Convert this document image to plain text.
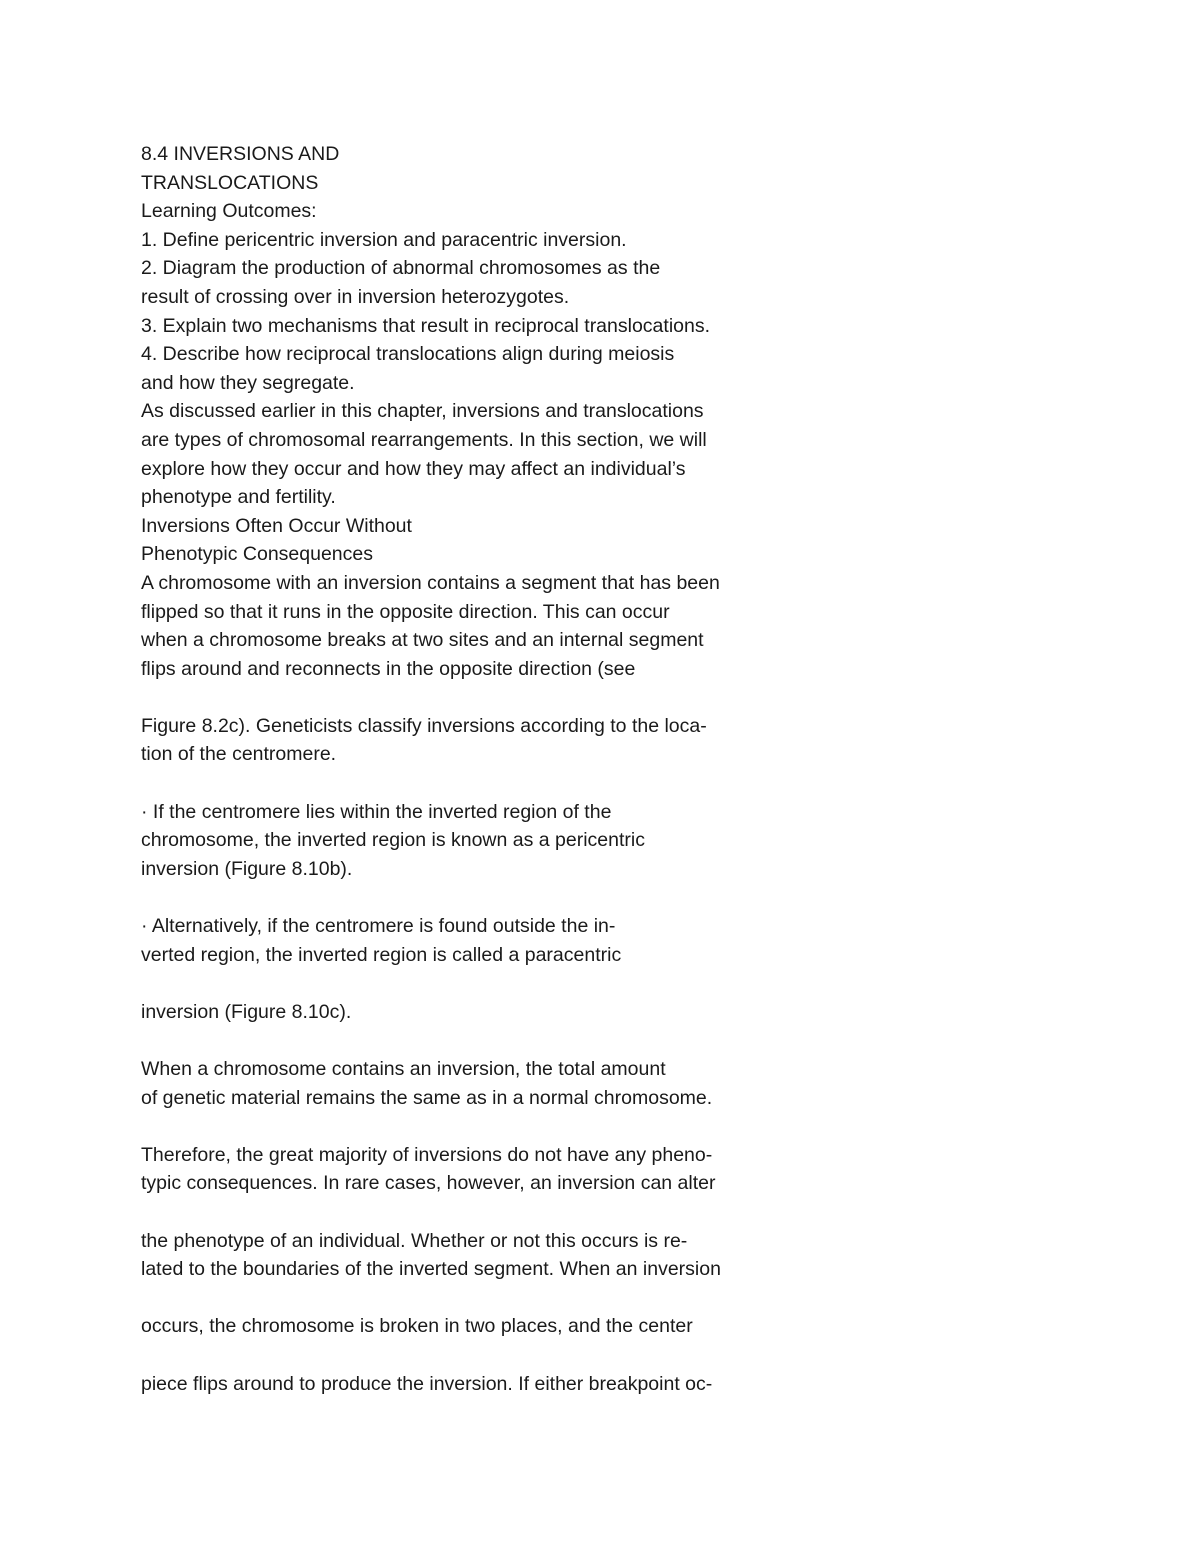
8.4 INVERSIONS AND
TRANSLOCATIONS
Learning Outcomes:
1. Define pericentric inversion and paracentric inversion.
2. Diagram the production of abnormal chromosomes as the
result of crossing over in inversion heterozygotes.
3. Explain two mechanisms that result in reciprocal translocations.
4. Describe how reciprocal translocations align during meiosis
and how they segregate.
As discussed earlier in this chapter, inversions and translocations
are types of chromosomal rearrangements. In this section, we will
explore how they occur and how they may affect an individual’s
phenotype and fertility.
Inversions Often Occur Without
Phenotypic Consequences
A chromosome with an inversion contains a segment that has been
flipped so that it runs in the opposite direction. This can occur
when a chromosome breaks at two sites and an internal segment
flips around and reconnects in the opposite direction (see
Figure 8.2c). Geneticists classify inversions according to the loca-
tion of the centromere.
· If the centromere lies within the inverted region of the
chromosome, the inverted region is known as a pericentric
inversion (Figure 8.10b).
· Alternatively, if the centromere is found outside the in-
verted region, the inverted region is called a paracentric
inversion (Figure 8.10c).
When a chromosome contains an inversion, the total amount
of genetic material remains the same as in a normal chromosome.
Therefore, the great majority of inversions do not have any pheno-
typic consequences. In rare cases, however, an inversion can alter
the phenotype of an individual. Whether or not this occurs is re-
lated to the boundaries of the inverted segment. When an inversion
occurs, the chromosome is broken in two places, and the center
piece flips around to produce the inversion. If either breakpoint oc-
